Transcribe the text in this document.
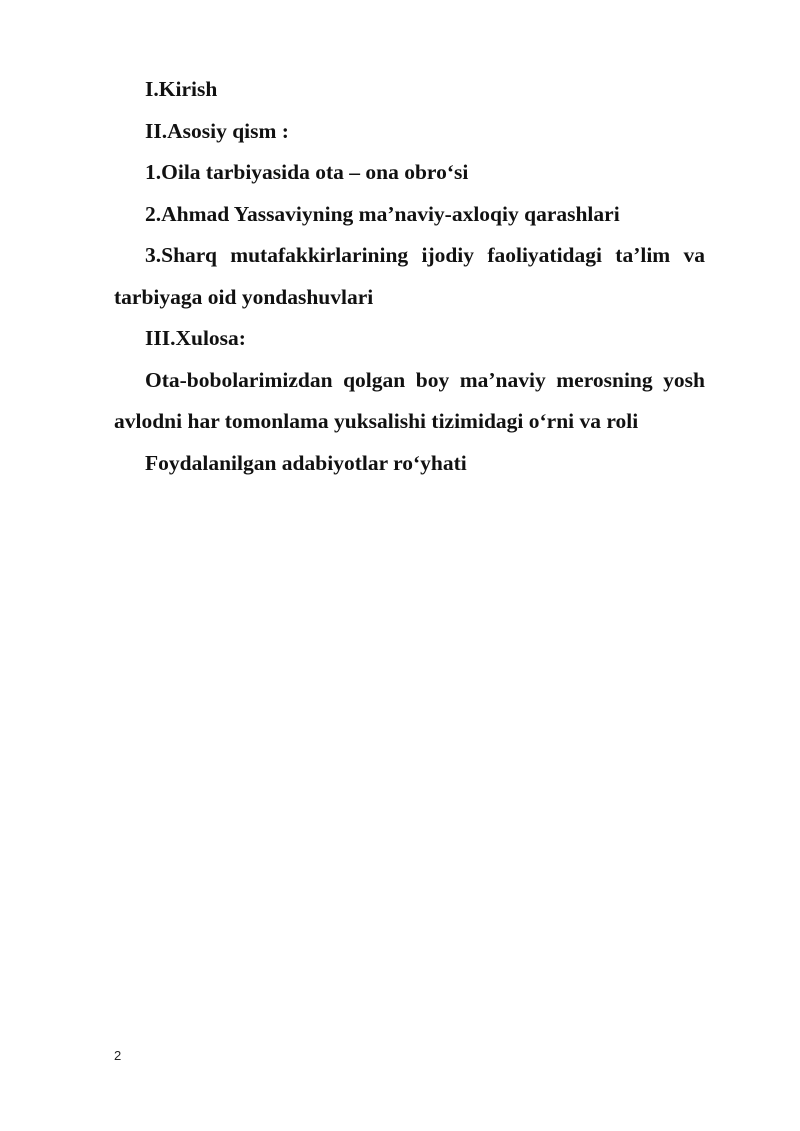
I.Kirish

II.Asosiy qism :

1.Oila tarbiyasida ota – ona obro‘si

2.Ahmad Yassaviyning ma’naviy-axloqiy qarashlari

3.Sharq mutafakkirlarining ijodiy faoliyatidagi ta’lim va tarbiyaga oid yondashuvlari

III.Xulosa:

Ota-bobolarimizdan qolgan boy ma’naviy merosning yosh avlodni har tomonlama yuksalishi tizimidagi o‘rni va roli

Foydalanilgan adabiyotlar ro‘yhati

2
